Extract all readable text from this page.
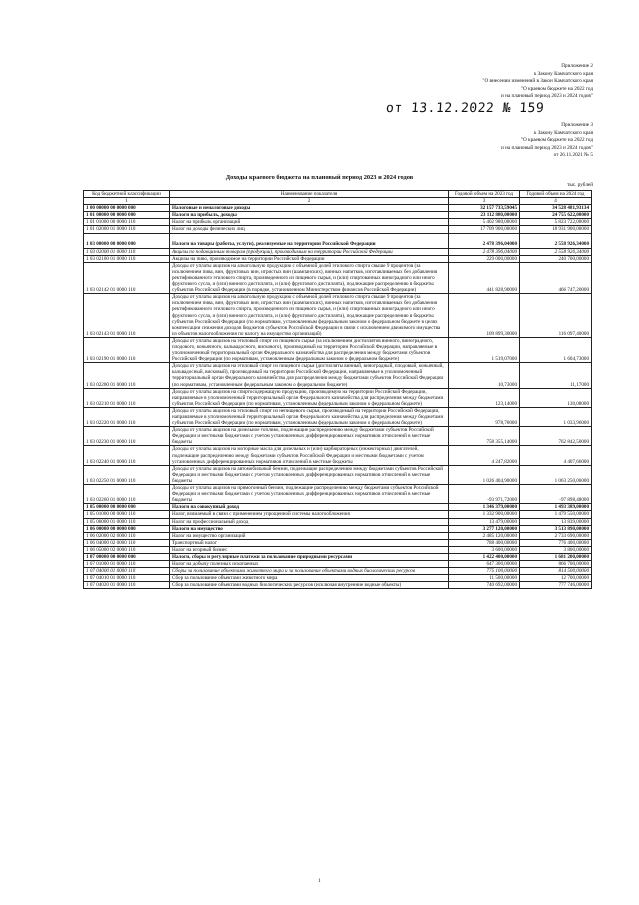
Приложение 2
к Закону Камчатского края
"О внесении изменений в Закон Камчатского края
"О краевом бюджете на 2022 год
и на плановый период 2023 и 2024 годов"
от 13.12.2022 № 159
Приложение 3
к Закону Камчатского края
"О краевом бюджете на 2022 год
и на плановый период 2023 и 2024 годов"
от 26.11.2021 № 5
Доходы краевого бюджета на плановый период 2023 и 2024 годов
тыс. рублей
Код бюджетной классификации	Наименование показателя	Годовой объем на 2023 год	Годовой объем на 2024 год
1	2	3	4
1 00 00000 00 0000 000	Налоговые и неналоговые доходы	32 157 733,59045	34 528 481,93134
1 01 00000 00 0000 000	Налоги на прибыль, доходы	23 112 880,00000	24 755 622,00000
1 01 01000 00 0000 110	Налог на прибыль организаций	5 402 980,00000	5 823 722,00000
1 01 02000 01 0000 110	Налог на доходы физических лиц	17 709 900,00000	18 931 900,00000
1 03 00000 00 0000 000	Налоги на товары (работы, услуги), реализуемые на территории Российской Федерации	2 478 396,04000	2 558 926,34000
1 03 02000 01 0000 110	Акцизы по подакцизным товарам (продукции), производимым на территории Российской Федерации	2 478 396,04000	2 558 926,34000
1 03 02100 01 0000 110	Акцизы на пиво, производимое на территории Российской Федерации	229 000,00000	240 700,00000
1 03 02142 01 0000 110	Доходы от уплаты акцизов на алкогольную продукцию с объемной долей этилового спирта свыше 9 процентов (за исключением пива, вин, фруктовых вин, игристых вин (шампанских), винных напитков, изготавливаемых без добавления ректификованного этилового спирта, произведенного из пищевого сырья, и (или) спиртованных виноградного или иного фруктового сусла, и (или) винного дистиллята, и (или) фруктового дистиллята), подлежащие распределению в бюджеты субъектов Российской Федерации (в порядке, установленном Министерством финансов Российской Федерации)	441 828,90000	466 747,20000
1 03 02143 01 0000 110	Доходы от уплаты акцизов на алкогольную продукцию с объемной долей этилового спирта свыше 9 процентов (за исключением пива, вин, фруктовых вин, игристых вин (шампанских), винных напитков, изготавливаемых без добавления ректификованного этилового спирта, произведенного из пищевого сырья, и (или) спиртованных виноградного или иного фруктового сусла, и (или) винного дистиллята, и (или) фруктового дистиллята), подлежащие распределению в бюджеты субъектов Российской Федерации (по нормативам, установленным федеральным законом о федеральном бюджете в целях компенсации снижения доходов бюджетов субъектов Российской Федерации в связи с исключением движимого имущества из объектов налогообложения по налогу на имущество организаций)	109 899,30000	116 097,40000
1 03 02190 01 0000 110	Доходы от уплаты акцизов на этиловый спирт из пищевого сырья (за исключением дистиллятов винного, виноградного, плодового, коньячного, кальвадосного, вискового), производимый на территории Российской Федерации, направляемые в уполномоченный территориальный орган Федерального казначейства для распределения между бюджетами субъектов Российской Федерации (по нормативам, установленным федеральным законом о федеральном бюджете)	1 519,07000	1 604,73000
1 03 02200 01 0000 110	Доходы от уплаты акцизов на этиловый спирт из пищевого сырья (дистилляты винный, виноградный, плодовый, коньячный, кальвадосный, висковый), производимый на территории Российской Федерации, направляемые в уполномоченный территориальный орган Федерального казначейства для распределения между бюджетами субъектов Российской Федерации (по нормативам, установленным федеральным законом о федеральном бюджете)	10,73000	11,17000
1 03 02210 01 0000 110	Доходы от уплаты акцизов на спиртосодержащую продукцию, производимую на территории Российской Федерации, направляемые в уполномоченный территориальный орган Федерального казначейства для распределения между бюджетами субъектов Российской Федерации (по нормативам, установленным федеральным законом о федеральном бюджете)	123,14000	130,08000
1 03 02220 01 0000 110	Доходы от уплаты акцизов на этиловый спирт из непищевого сырья, производимый на территории Российской Федерации, направляемые в уполномоченный территориальный орган Федерального казначейства для распределения между бюджетами субъектов Российской Федерации (по нормативам, установленным федеральным законом о федеральном бюджете)	978,76000	1 033,96000
1 03 02230 01 0000 110	Доходы от уплаты акцизов на дизельное топливо, подлежащие распределению между бюджетами субъектов Российской Федерации и местными бюджетами с учетом установленных дифференцированных нормативов отчислений в местные бюджеты	758 355,14000	762 842,50000
1 03 02240 01 0000 110	Доходы от уплаты акцизов на моторные масла для дизельных и (или) карбюраторных (инжекторных) двигателей, подлежащие распределению между бюджетами субъектов Российской Федерации и местными бюджетами с учетом установленных дифференцированных нормативов отчислений в местные бюджеты	4 247,82000	4 407,66000
1 03 02250 01 0000 110	Доходы от уплаты акцизов на автомобильный бензин, подлежащие распределению между бюджетами субъектов Российской Федерации и местными бюджетами с учетом установленных дифференцированных нормативов отчислений в местные бюджеты	1 026 404,90000	1 063 250,06000
1 03 02260 01 0000 110	Доходы от уплаты акцизов на прямогонный бензин, подлежащие распределению между бюджетами субъектов Российской Федерации и местными бюджетами с учетом установленных дифференцированных нормативов отчислений в местные бюджеты	-93 971,72000	-97 898,48000
1 05 00000 00 0000 000	Налоги на совокупный доход	1 346 379,00000	1 493 389,00000
1 05 01000 00 0000 110	Налог, взимаемый в связи с применением упрощенной системы налогообложения	1 332 900,00000	1 479 550,00000
1 05 06000 01 0000 110	Налог на профессиональный доход	13 479,00000	13 839,00000
1 06 00000 00 0000 000	Налоги на имущество	3 277 120,00000	3 513 890,00000
1 06 02000 02 0000 110	Налог на имущество организаций	2 485 120,00000	2 733 690,00000
1 06 04000 02 0000 110	Транспортный налог	788 400,00000	776 400,00000
1 06 05000 02 0000 110	Налог на игорный бизнес	3 600,00000	3 800,00000
1 07 00000 00 0000 000	Налоги, сборы и регулярные платежи за пользование природными ресурсами	1 422 400,00000	1 681 200,00000
1 07 01000 01 0000 110	Налог на добычу полезных ископаемых	647 300,00000	866 700,00000
1 07 04000 01 0000 110	Сборы за пользование объектами животного мира и за пользование объектами водных биологических ресурсов	775 100,00000	814 500,00000
1 07 04010 01 0000 110	Сбор за пользование объектами животного мира	11 500,00000	12 700,00000
1 07 04020 01 0000 110	Сбор за пользование объектами водных биологических ресурсов (исключая внутренние водные объекты)	740 692,00000	777 746,00000
1
